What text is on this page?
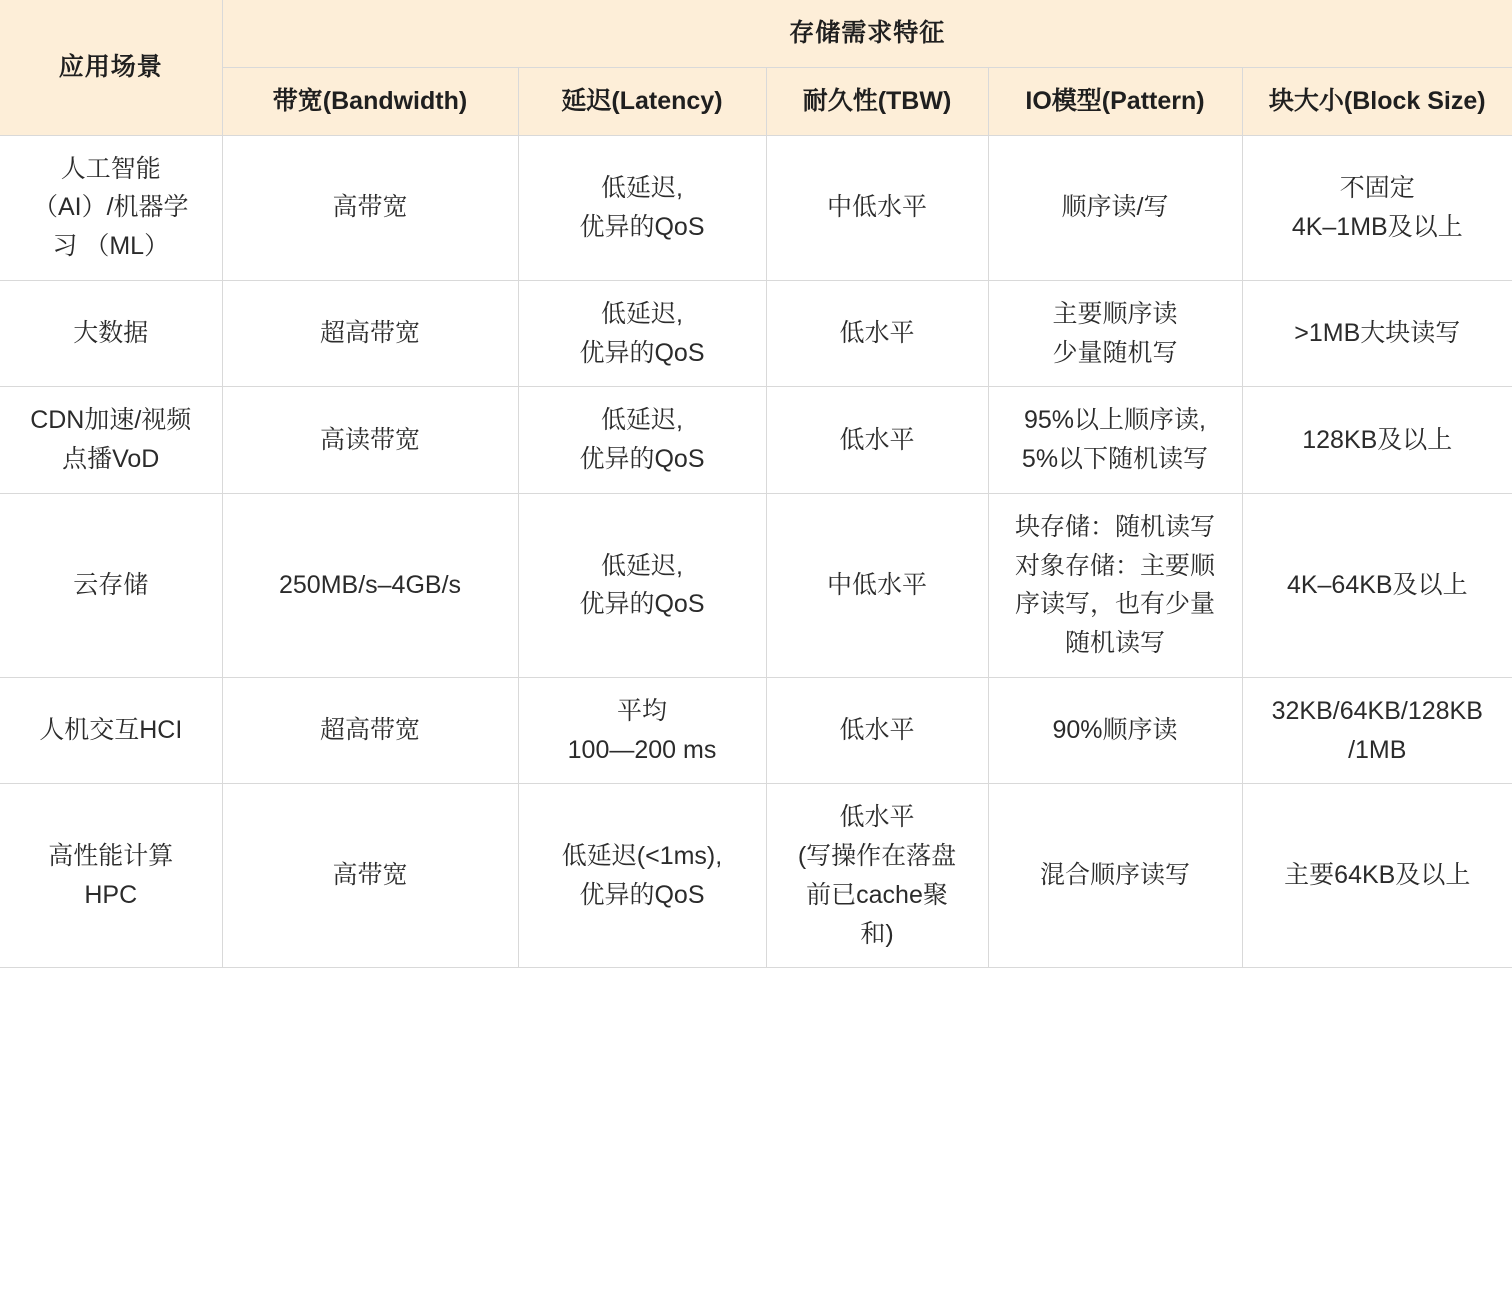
应用场景	存储需求特征				
	带宽(Bandwidth)	延迟(Latency)	耐久性(TBW)	IO模型(Pattern)	块大小(Block Size)

人工智能
（AI）/机器学
习 （ML）	高带宽	低延迟,
优异的QoS	中低水平	顺序读/写	不固定
4K–1MB及以上

大数据	超高带宽	低延迟,
优异的QoS	低水平	主要顺序读
少量随机写	>1MB大块读写

CDN加速/视频
点播VoD	高读带宽	低延迟,
优异的QoS	低水平	95%以上顺序读,
5%以下随机读写	128KB及以上

云存储	250MB/s–4GB/s	低延迟,
优异的QoS	中低水平	块存储：随机读写
对象存储：主要顺
序读写，也有少量
随机读写	4K–64KB及以上

人机交互HCI	超高带宽	平均
100—200 ms	低水平	90%顺序读	32KB/64KB/128KB
/1MB

高性能计算
HPC	高带宽	低延迟(<1ms),
优异的QoS	低水平
(写操作在落盘
前已cache聚
和)	混合顺序读写	主要64KB及以上
